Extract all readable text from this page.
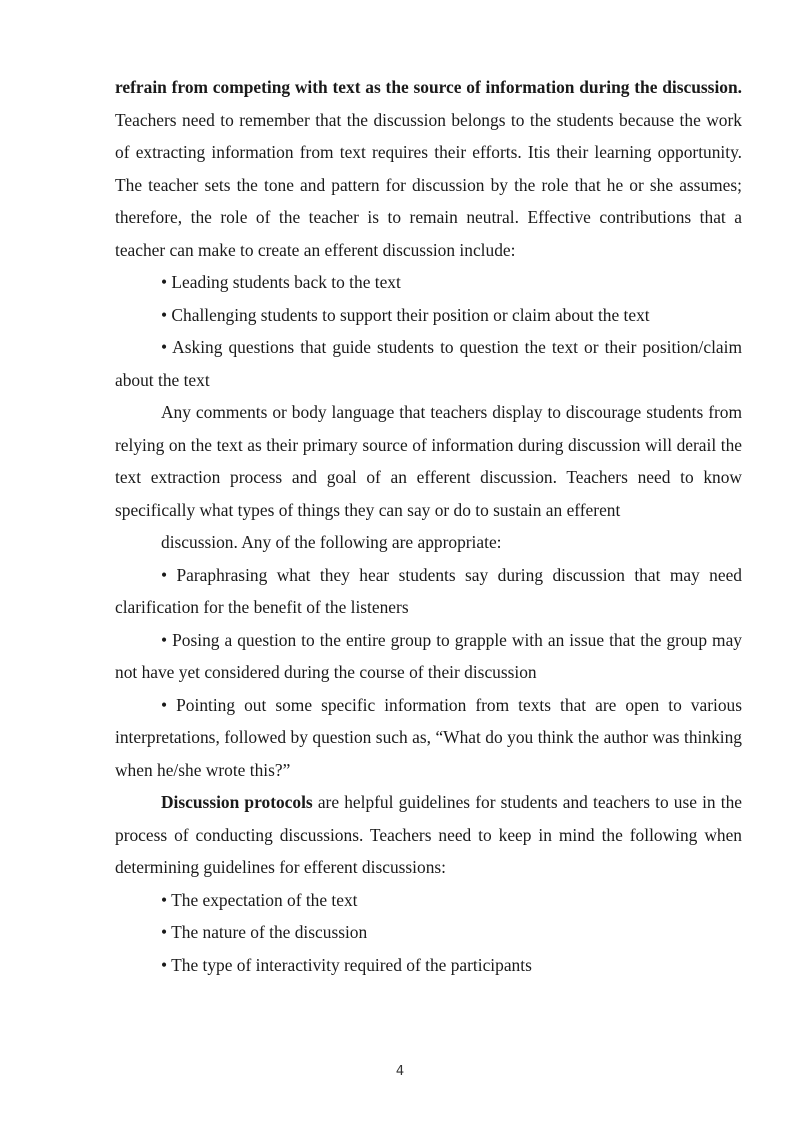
refrain from competing with text as the source of information during the discussion. Teachers need to remember that the discussion belongs to the students because the work of extracting information from text requires their efforts. Itis their learning opportunity. The teacher sets the tone and pattern for discussion by the role that he or she assumes; therefore, the role of the teacher is to remain neutral. Effective contributions that a teacher can make to create an efferent discussion include:

• Leading students back to the text

• Challenging students to support their position or claim about the text

• Asking questions that guide students to question the text or their position/claim about the text

Any comments or body language that teachers display to discourage students from relying on the text as their primary source of information during discussion will derail the text extraction process and goal of an efferent discussion. Teachers need to know specifically what types of things they can say or do to sustain an efferent

discussion. Any of the following are appropriate:

• Paraphrasing what they hear students say during discussion that may need clarification for the benefit of the listeners

• Posing a question to the entire group to grapple with an issue that the group may not have yet considered during the course of their discussion

• Pointing out some specific information from texts that are open to various interpretations, followed by question such as, “What do you think the author was thinking when he/she wrote this?”

Discussion protocols are helpful guidelines for students and teachers to use in the process of conducting discussions. Teachers need to keep in mind the following when determining guidelines for efferent discussions:

• The expectation of the text

• The nature of the discussion

• The type of interactivity required of the participants

4
